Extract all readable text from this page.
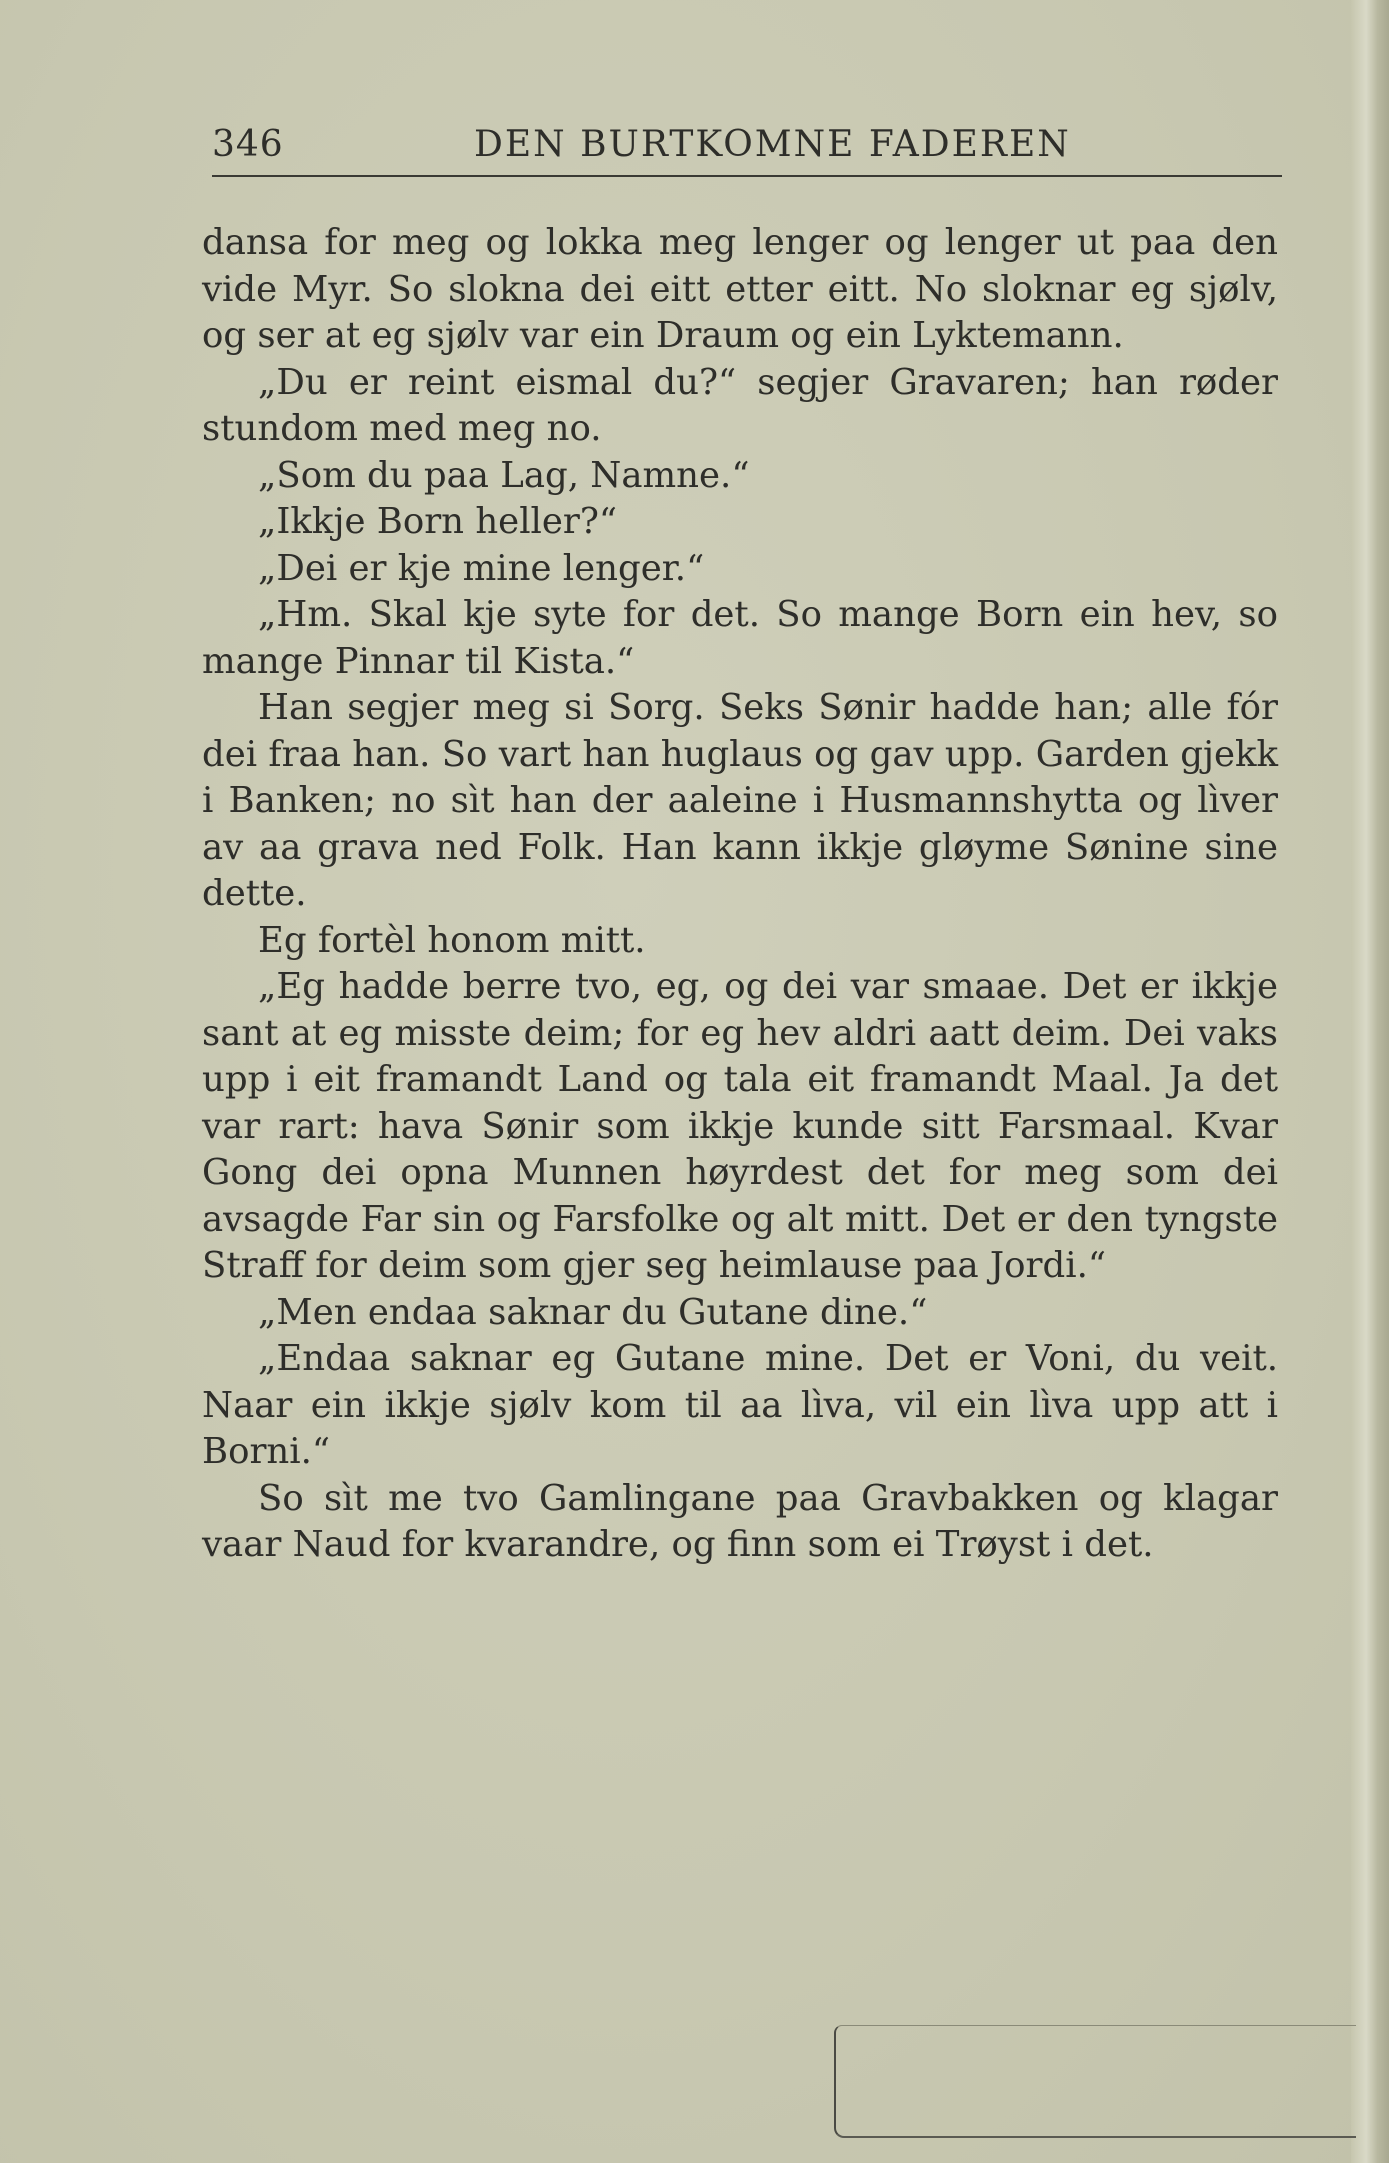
346	DEN BURTKOMNE FADEREN

dansa for meg og lokka meg lenger og lenger ut paa den vide Myr. So slokna dei eitt etter eitt. No sloknar eg sjølv, og ser at eg sjølv var ein Draum og ein Lyktemann.

„Du er reint eismal du?“ segjer Gravaren; han røder stundom med meg no.

„Som du paa Lag, Namne.“

„Ikkje Born heller?“

„Dei er kje mine lenger.“

„Hm. Skal kje syte for det. So mange Born ein hev, so mange Pinnar til Kista.“

Han segjer meg si Sorg. Seks Sønir hadde han; alle fór dei fraa han. So vart han huglaus og gav upp. Garden gjekk i Banken; no sìt han der aaleine i Husmannshytta og lìver av aa grava ned Folk. Han kann ikkje gløyme Sønine sine dette.

Eg fortèl honom mitt.

„Eg hadde berre tvo, eg, og dei var smaae. Det er ikkje sant at eg misste deim; for eg hev aldri aatt deim. Dei vaks upp i eit framandt Land og tala eit framandt Maal. Ja det var rart: hava Sønir som ikkje kunde sitt Farsmaal. Kvar Gong dei opna Munnen høyrdest det for meg som dei avsagde Far sin og Farsfolke og alt mitt. Det er den tyngste Straff for deim som gjer seg heimlause paa Jordi.“

„Men endaa saknar du Gutane dine.“

„Endaa saknar eg Gutane mine. Det er Voni, du veit. Naar ein ikkje sjølv kom til aa lìva, vil ein lìva upp att i Borni.“

So sìt me tvo Gamlingane paa Gravbakken og klagar vaar Naud for kvarandre, og finn som ei Trøyst i det.
